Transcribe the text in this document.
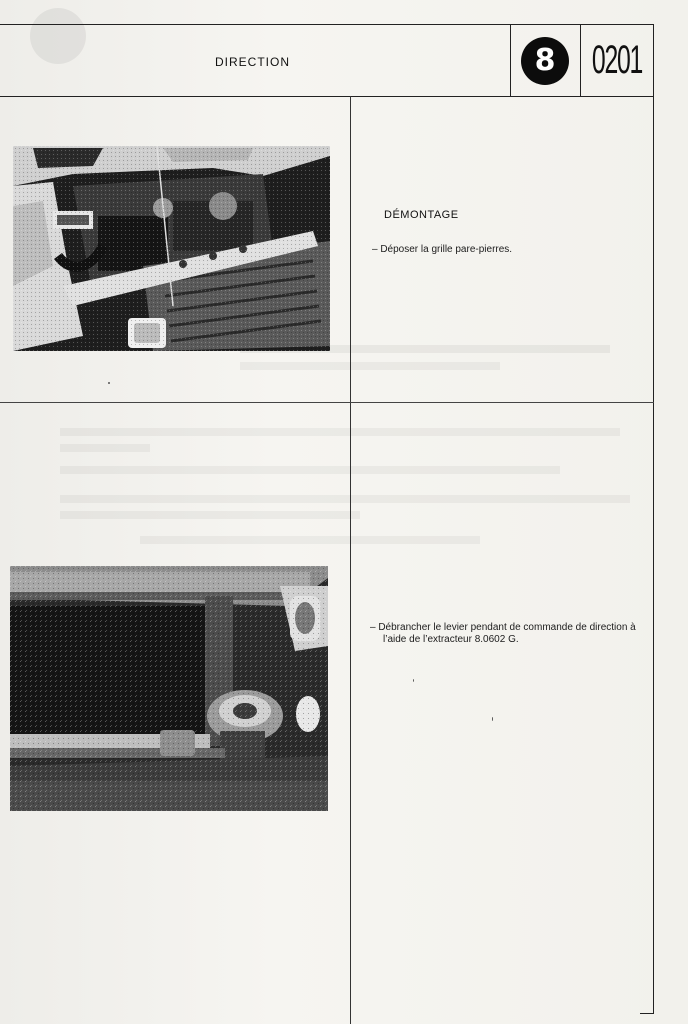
DIRECTION	8 0201
DÉMONTAGE
– Déposer la grille pare-pierres.
– Débrancher le levier pendant de commande de direction à l’aide de l’extracteur 8.0602 G.
